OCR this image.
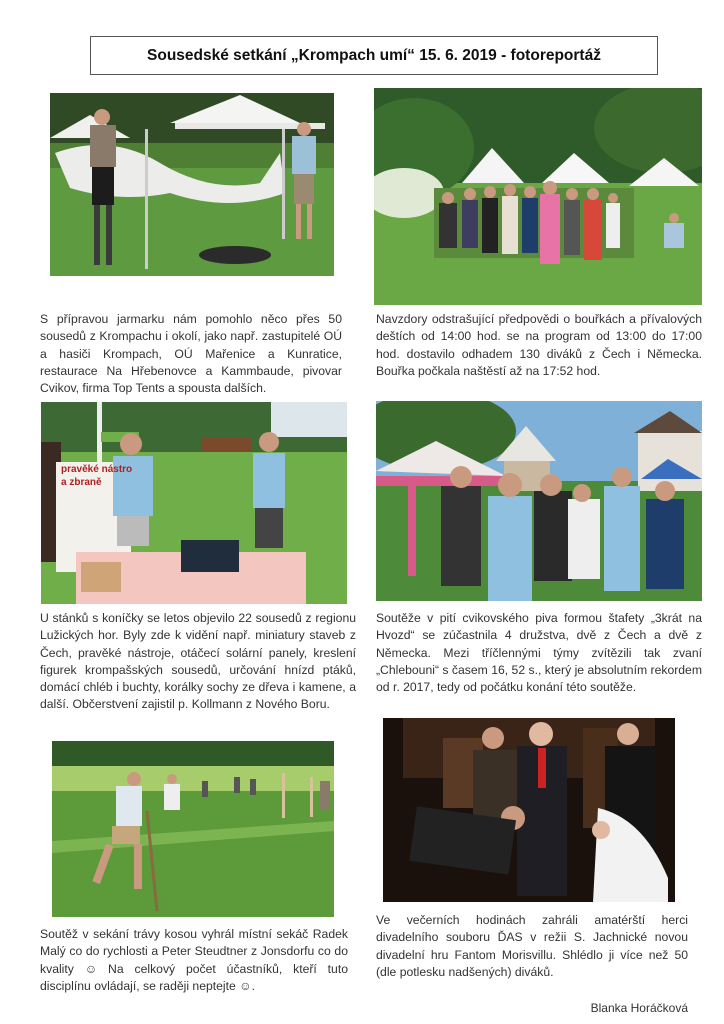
Sousedské setkání „Krompach umí“ 15. 6. 2019 - fotoreportáž

S přípravou jarmarku nám pomohlo něco přes 50 sousedů z Krompachu i okolí, jako např. zastupitelé OÚ a hasiči Krompach, OÚ Mařenice a Kunratice, restaurace Na Hřebenovce a Kammbaude, pivovar Cvikov, firma Top Tents a spousta dalších.

Navzdory odstrašující předpovědi o bouřkách a přívalových deštích od 14:00 hod. se na program od 13:00 do 17:00 hod. dostavilo odhadem 130 diváků z Čech i Německa. Bouřka počkala naštěstí až na 17:52 hod.

pravěké nástro
a zbraně

U stánků s koníčky se letos objevilo 22 sousedů z regionu Lužických hor. Byly zde k vidění např. miniatury staveb z Čech, pravěké nástroje, otáčecí solární panely, kreslení figurek krompašských sousedů, určování hnízd ptáků, domácí chléb i buchty, korálky sochy ze dřeva i kamene, a další. Občerstvení zajistil p. Kollmann z Nového Boru.

Soutěže v pití cvikovského piva formou štafety „3krát na Hvozd“ se zúčastnila 4 družstva, dvě z Čech a dvě z Německa. Mezi tříčlennými týmy zvítězili tak zvaní „Chlebouni“ s časem 16, 52 s., který je absolutním rekordem od r. 2017, tedy od počátku konání této soutěže.

Soutěž v sekání trávy kosou vyhrál místní sekáč Radek Malý co do rychlosti a Peter Steudtner z Jonsdorfu co do kvality ☺ Na celkový počet účastníků, kteří tuto disciplínu ovládají, se raději neptejte ☺.

Ve večerních hodinách zahráli amatérští herci divadelního souboru ĎAS v režii S. Jachnické novou divadelní hru Fantom Morisvillu. Shlédlo ji více než 50 (dle potlesku nadšených) diváků.

Blanka Horáčková
